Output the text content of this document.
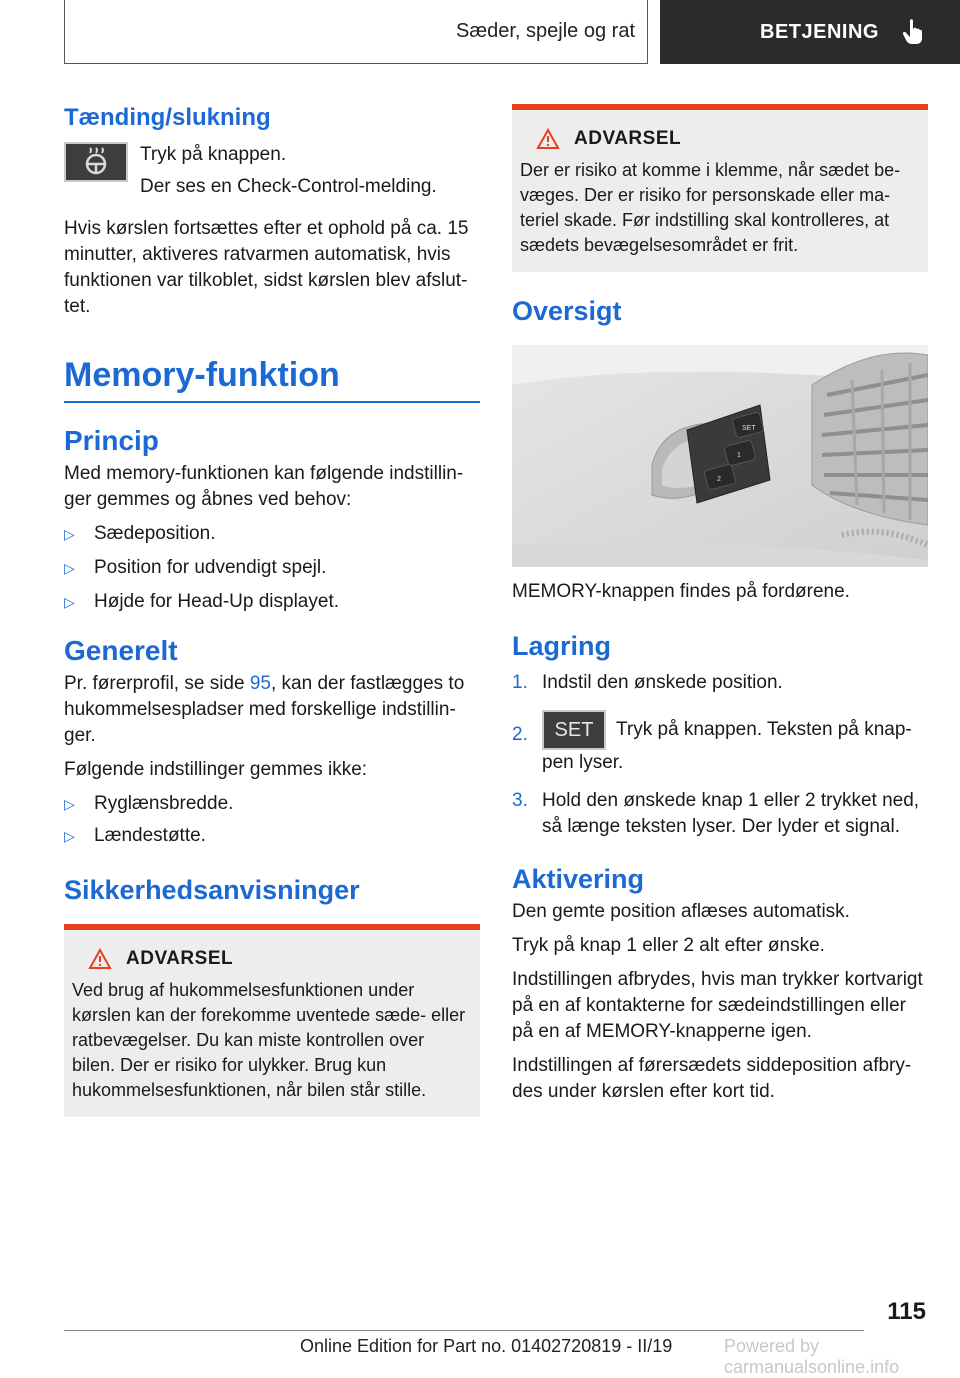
Sæder, spejle og rat	BETJENING
Tænding/slukning

Tryk på knappen.

Der ses en Check-Control-melding.

Hvis kørslen fortsættes efter et ophold på ca. 15 minutter, aktiveres ratvarmen automatisk, hvis funktionen var tilkoblet, sidst kørslen blev afslut-tet.

Memory-funktion
Princip

Med memory-funktionen kan følgende indstillin-ger gemmes og åbnes ved behov:

▷	Sædeposition.
▷	Position for udvendigt spejl.
▷	Højde for Head-Up displayet.
Generelt

Pr. førerprofil, se side 95, kan der fastlægges to hukommelsespladser med forskellige indstillin-ger.

Følgende indstillinger gemmes ikke:

▷	Ryglænsbredde.
▷	Lændestøtte.
Sikkerhedsanvisninger
ADVARSEL

Ved brug af hukommelsesfunktionen under kørslen kan der forekomme uventede sæde- eller ratbevægelser. Du kan miste kontrollen over bilen. Der er risiko for ulykker. Brug kun hukommelsesfunktionen, når bilen står stille.

ADVARSEL

Der er risiko at komme i klemme, når sædet be-væges. Der er risiko for personskade eller ma-teriel skade. Før indstilling skal kontrolleres, at sædets bevægelsesområdet er frit.

Oversigt
SET
1
2

MEMORY-knappen findes på fordørene.

Lagring
1. Indstil den ønskede position.
2.	SET Tryk på knappen. Teksten på knap-pen lyser.
3. Hold den ønskede knap 1 eller 2 trykket ned, så længe teksten lyser. Der lyder et signal.
Aktivering

Den gemte position aflæses automatisk.

Tryk på knap 1 eller 2 alt efter ønske.

Indstillingen afbrydes, hvis man trykker kortvarigt på en af kontakterne for sædeindstillingen eller på en af MEMORY-knapperne igen.

Indstillingen af førersædets siddeposition afbry-des under kørslen efter kort tid.

115
Online Edition for Part no. 01402720819 - II/19	Powered by carmanualsonline.info
